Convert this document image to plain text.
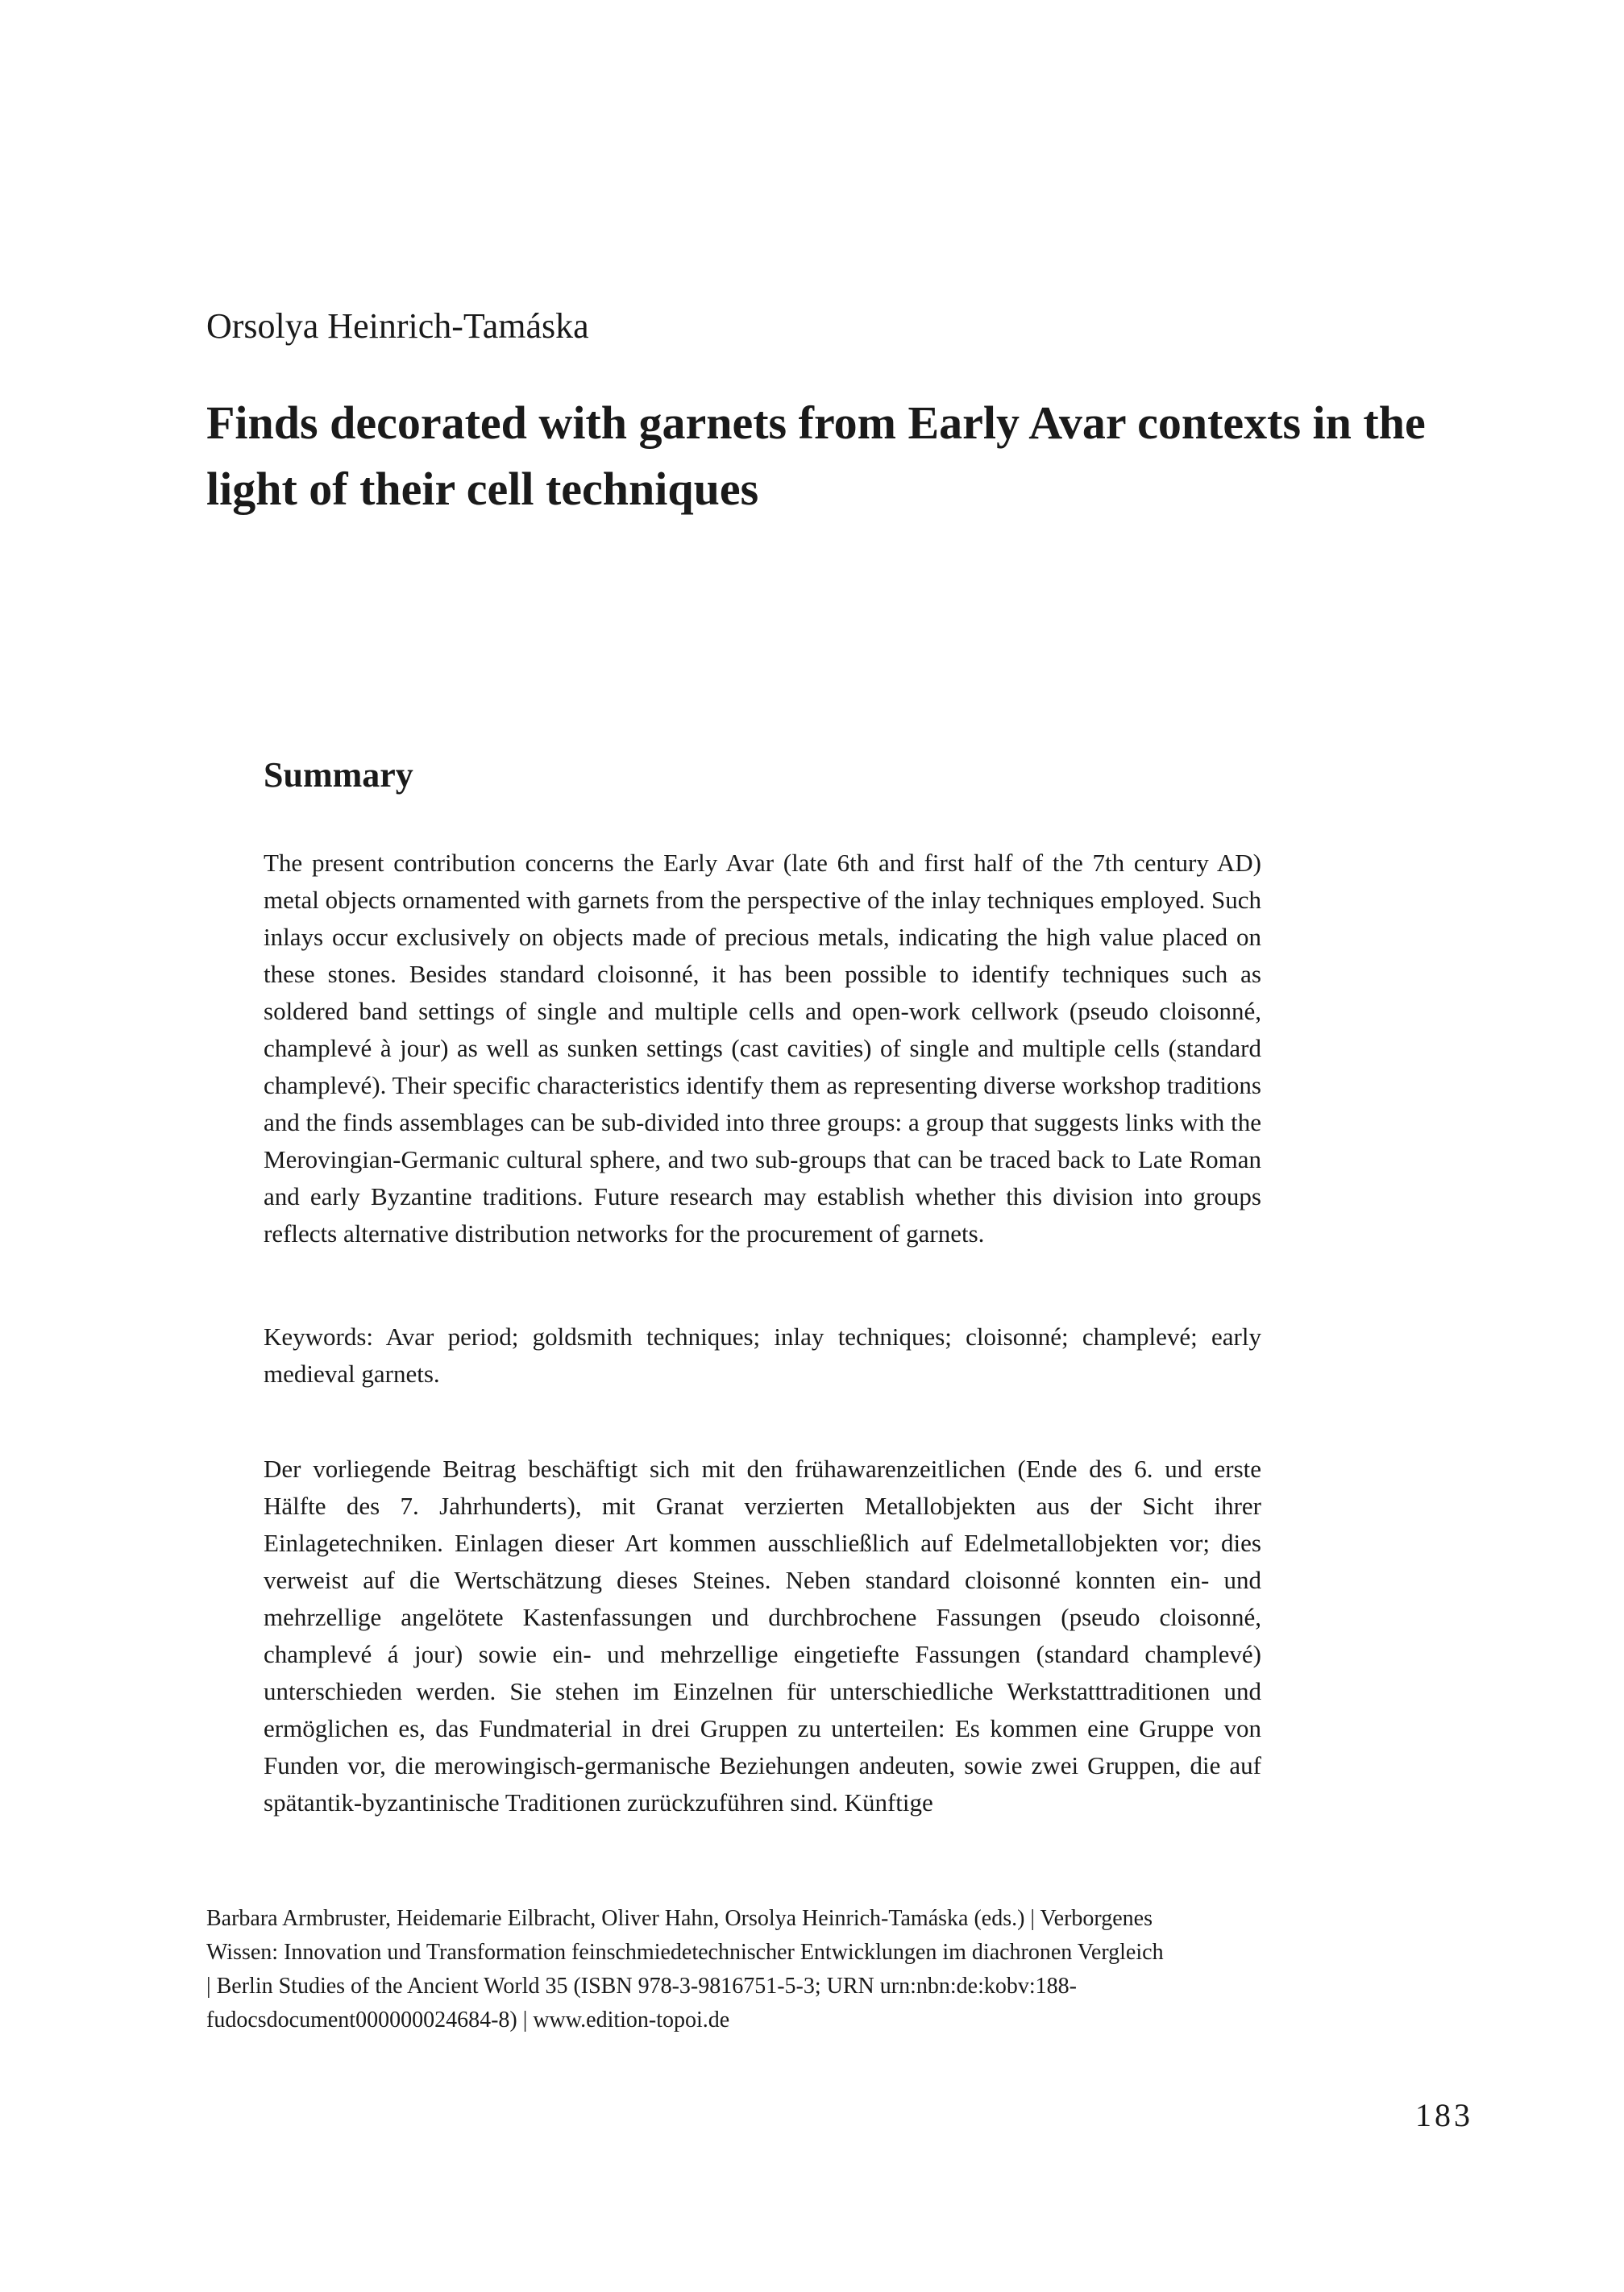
Orsolya Heinrich-Tamáska

Finds decorated with garnets from Early Avar contexts in the light of their cell techniques
Summary

The present contribution concerns the Early Avar (late 6th and first half of the 7th century AD) metal objects ornamented with garnets from the perspective of the inlay techniques employed. Such inlays occur exclusively on objects made of precious metals, indicating the high value placed on these stones. Besides standard cloisonné, it has been possible to identify techniques such as soldered band settings of single and multiple cells and open-work cellwork (pseudo cloisonné, champlevé à jour) as well as sunken settings (cast cavities) of single and multiple cells (standard champlevé). Their specific characteristics identify them as representing diverse workshop traditions and the finds assemblages can be sub-divided into three groups: a group that suggests links with the Merovingian-Germanic cultural sphere, and two sub-groups that can be traced back to Late Roman and early Byzantine traditions. Future research may establish whether this division into groups reflects alternative distribution networks for the procurement of garnets.

Keywords: Avar period; goldsmith techniques; inlay techniques; cloisonné; champlevé; early medieval garnets.

Der vorliegende Beitrag beschäftigt sich mit den frühawarenzeitlichen (Ende des 6. und erste Hälfte des 7. Jahrhunderts), mit Granat verzierten Metallobjekten aus der Sicht ihrer Einlagetechniken. Einlagen dieser Art kommen ausschließlich auf Edelmetallobjekten vor; dies verweist auf die Wertschätzung dieses Steines. Neben standard cloisonné konnten ein- und mehrzellige angelötete Kastenfassungen und durchbrochene Fassungen (pseudo cloisonné, champlevé á jour) sowie ein- und mehrzellige eingetiefte Fassungen (standard champlevé) unterschieden werden. Sie stehen im Einzelnen für unterschiedliche Werkstatttraditionen und ermöglichen es, das Fundmaterial in drei Gruppen zu unterteilen: Es kommen eine Gruppe von Funden vor, die merowingisch-germanische Beziehungen andeuten, sowie zwei Gruppen, die auf spätantik-byzantinische Traditionen zurückzuführen sind. Künftige

Barbara Armbruster, Heidemarie Eilbracht, Oliver Hahn, Orsolya Heinrich-Tamáska (eds.) | Verborgenes Wissen: Innovation und Transformation feinschmiedetechnischer Entwicklungen im diachronen Vergleich | Berlin Studies of the Ancient World 35 (ISBN 978-3-9816751-5-3; URN urn:nbn:de:kobv:188-fudocsdocument000000024684-8) | www.edition-topoi.de

183
